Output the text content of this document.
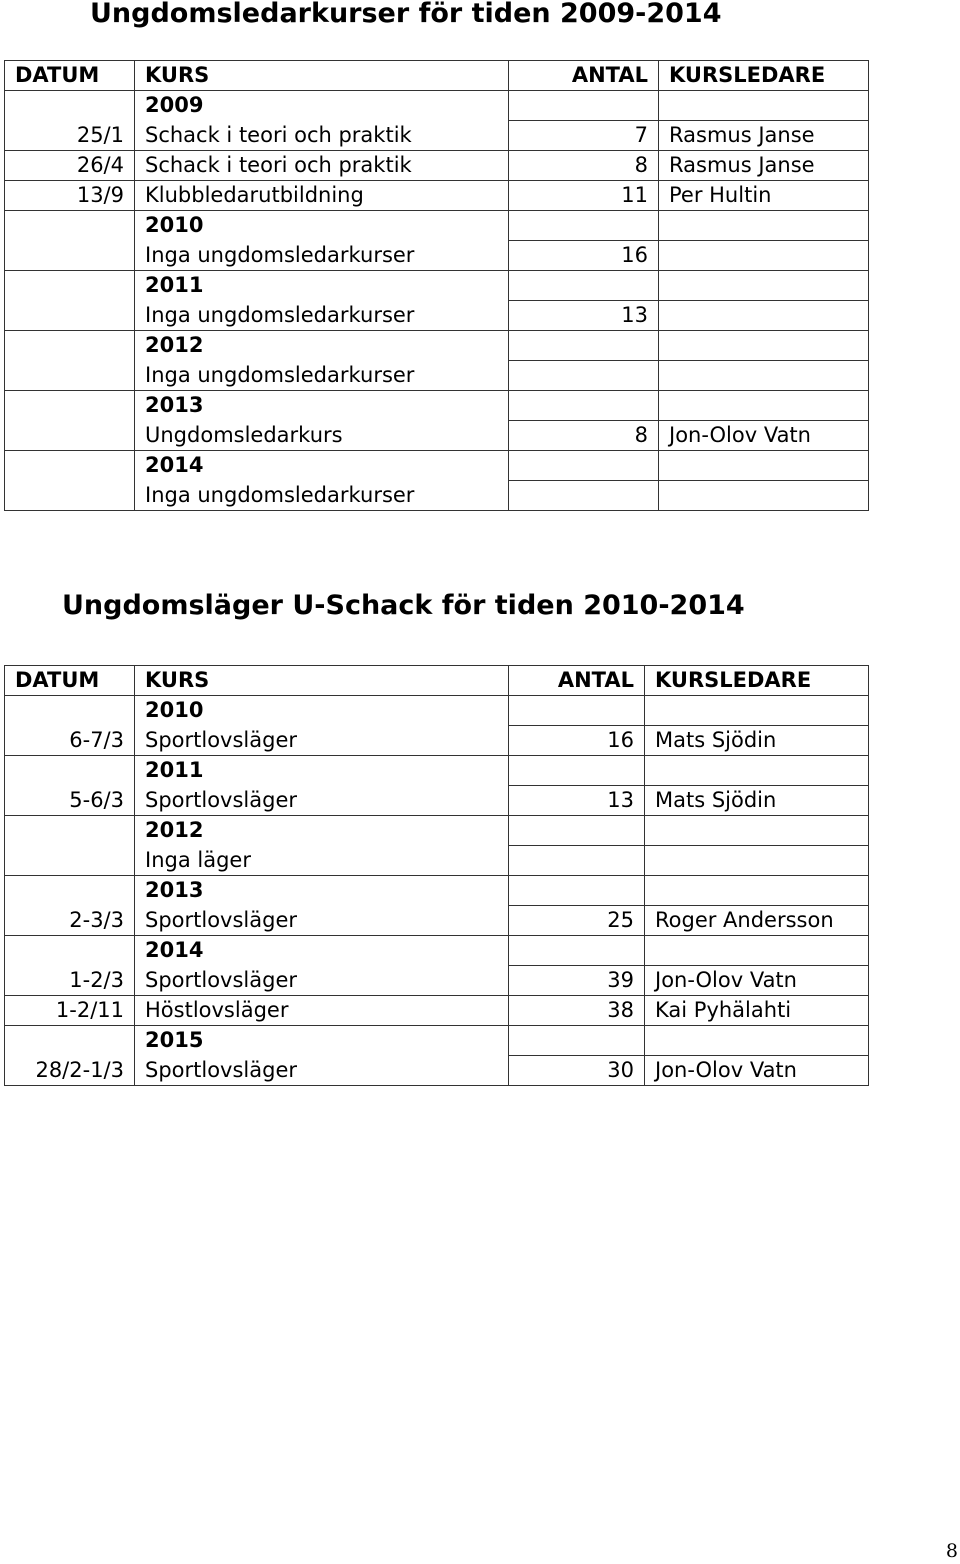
Ungdomsledarkurser för tiden 2009-2014
DATUM	KURS	ANTAL	KURSLEDARE
	2009		
25/1	Schack i teori och praktik	7	Rasmus Janse
26/4	Schack i teori och praktik	8	Rasmus Janse
13/9	Klubbledarutbildning	11	Per Hultin
	2010		
	Inga ungdomsledarkurser	16	
	2011		
	Inga ungdomsledarkurser	13	
	2012		
	Inga ungdomsledarkurser		
	2013		
	Ungdomsledarkurs	8	Jon-Olov Vatn
	2014		
	Inga ungdomsledarkurser		
Ungdomsläger U-Schack för tiden 2010-2014
DATUM	KURS	ANTAL	KURSLEDARE
	2010		
6-7/3	Sportlovsläger	16	Mats Sjödin
	2011		
5-6/3	Sportlovsläger	13	Mats Sjödin
	2012		
	Inga läger		
	2013		
2-3/3	Sportlovsläger	25	Roger Andersson
	2014		
1-2/3	Sportlovsläger	39	Jon-Olov Vatn
1-2/11	Höstlovsläger	38	Kai Pyhälahti
	2015		
28/2-1/3	Sportlovsläger	30	Jon-Olov Vatn
8
